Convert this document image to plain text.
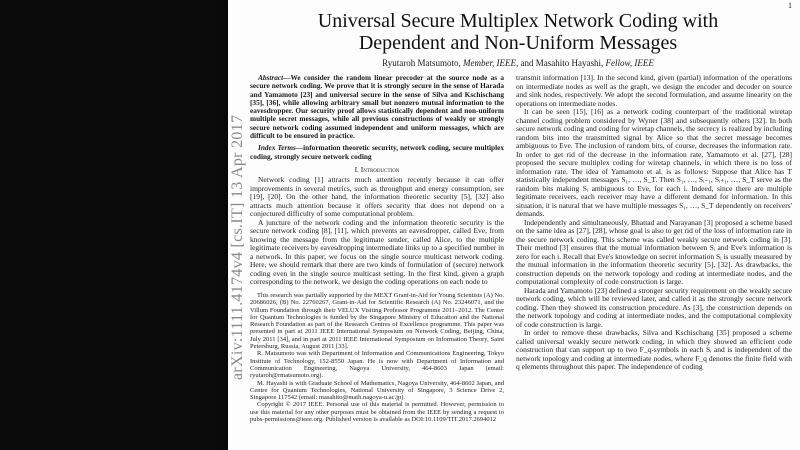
1
arXiv:1111.4174v4 [cs.IT] 13 Apr 2017
Universal Secure Multiplex Network Coding with
Dependent and Non-Uniform Messages
Ryutaroh Matsumoto, Member, IEEE, and Masahito Hayashi, Fellow, IEEE

Abstract—We consider the random linear precoder at the source node as a secure network coding. We prove that it is strongly secure in the sense of Harada and Yamamoto [23] and universal secure in the sense of Silva and Kschischang [35], [36], while allowing arbitrary small but nonzero mutual information to the eavesdropper. Our security proof allows statistically dependent and non-uniform multiple secret messages, while all previous constructions of weakly or strongly secure network coding assumed independent and uniform messages, which are difficult to be ensured in practice.

Index Terms—information theoretic security, network coding, secure multiplex coding, strongly secure network coding

I. Introduction

Network coding [1] attracts much attention recently because it can offer improvements in several metrics, such as throughput and energy consumption, see [19], [20]. On the other hand, the information theoretic security [5], [32] also attracts much attention because it offers security that does not depend on a conjectured difficulty of some computational problem.

A juncture of the network coding and the information theoretic security is the secure network coding [8], [11], which prevents an eavesdropper, called Eve, from knowing the message from the legitimate sender, called Alice, to the multiple legitimate receivers by eavesdropping intermediate links up to a specified number in a network. In this paper, we focus on the single source multicast network coding. Here, we should remark that there are two kinds of formulation of (secure) network coding even in the single source multicast setting. In the first kind, given a graph corresponding to the network, we design the coding operations on each node to

This research was partially supported by the MEXT Grant-in-Aid for Young Scientists (A) No. 20686026, (B) No. 22760267, Grant-in-Aid for Scientific Research (A) No. 23246071, and the Villum Foundation through their VELUX Visiting Professor Programme 2011–2012. The Center for Quantum Technologies is funded by the Singapore Ministry of Education and the National Research Foundation as part of the Research Centres of Excellence programme. This paper was presented in part at 2011 IEEE International Symposium on Network Coding, Beijing, China, July 2011 [34], and in part at 2011 IEEE International Symposium on Information Theory, Saint Petersburg, Russia, August 2011 [33].

R. Matsumoto was with Department of Information and Communications Engineering, Tokyo Institute of Technology, 152-8550 Japan. He is now with Department of Information and Communication Engineering, Nagoya University, 464-8603 Japan (email: ryutaroh@rmatsumoto.org).

M. Hayashi is with Graduate School of Mathematics, Nagoya University, 464-8602 Japan, and Centre for Quantum Technologies, National University of Singapore, 3 Science Drive 2, Singapore 117542 (email: masahito@math.nagoya-u.ac.jp).

Copyright © 2017 IEEE. Personal use of this material is permitted. However, permission to use this material for any other purposes must be obtained from the IEEE by sending a request to pubs-permissions@ieee.org. Published version is available as DOI:10.1109/TIT.2017.2694012

transmit information [13]. In the second kind, given (partial) information of the operations on intermediate nodes as well as the graph, we design the encoder and decoder on source and sink nodes, respectively. We adopt the second formulation, and assume linearity on the operations on intermediate nodes.

It can be seen [15], [16] as a network coding counterpart of the traditional wiretap channel coding problem considered by Wyner [38] and subsequently others [32]. In both secure network coding and coding for wiretap channels, the secrecy is realized by including random bits into the transmitted signal by Alice so that the secret message becomes ambiguous to Eve. The inclusion of random bits, of course, decreases the information rate. In order to get rid of the decrease in the information rate, Yamamoto et al. [27], [28] proposed the secure multiplex coding for wiretap channels, in which there is no loss of information rate. The idea of Yamamoto et al. is as follows: Suppose that Alice has T statistically independent messages S₁, …, S_T. Then S₁, …, Sᵢ₋₁, Sᵢ₊₁, …, S_T serve as the random bits making Sᵢ ambiguous to Eve, for each i. Indeed, since there are multiple legitimate receivers, each receiver may have a different demand for information. In this situation, it is natural that we have multiple messages S₁, …, S_T dependently on receivers' demands.

Independently and simultaneously, Bhattad and Narayanan [3] proposed a scheme based on the same idea as [27], [28], whose goal is also to get rid of the loss of information rate in the secure network coding. This scheme was called weakly secure network coding in [3]. Their method [3] ensures that the mutual information between Sᵢ and Eve's information is zero for each i. Recall that Eve's knowledge on secret information Sᵢ is usually measured by the mutual information in the information theoretic security [5], [32]. As drawbacks, the construction depends on the network topology and coding at intermediate nodes, and the computational complexity of code construction is large.

Harada and Yamamoto [23] defined a stronger security requirement on the weakly secure network coding, which will be reviewed later, and called it as the strongly secure network coding. Then they showed its construction procedure. As [3], the construction depends on the network topology and coding at intermediate nodes, and the computational complexity of code construction is large.

In order to remove these drawbacks, Silva and Kschischang [35] proposed a scheme called universal weakly secure network coding, in which they showed an efficient code construction that can support up to two F_q-symbols in each Sᵢ and is independent of the network topology and coding at intermediate nodes, where F_q denotes the finite field with q elements throughout this paper. The independence of coding
